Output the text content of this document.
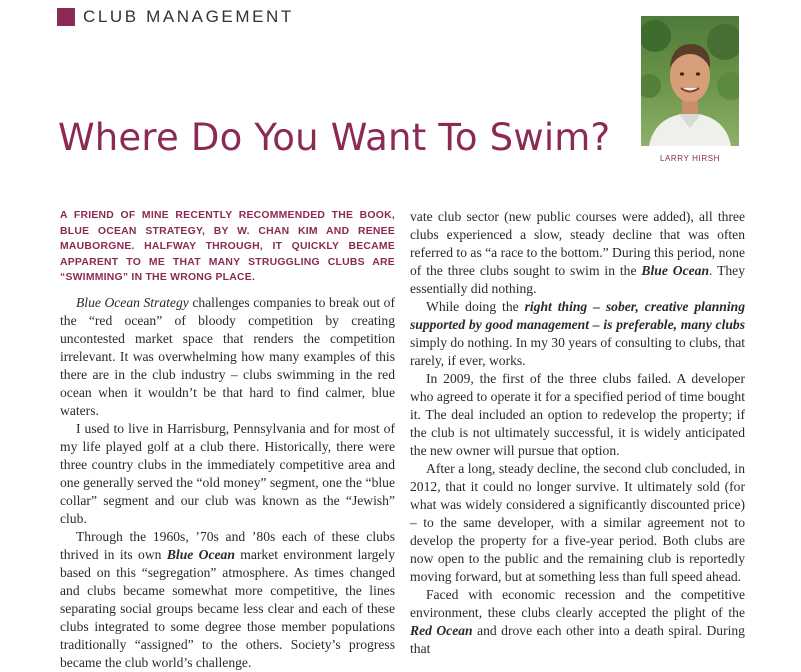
CLUB MANAGEMENT
Where Do You Want To Swim?	LARRY HIRSH

A FRIEND OF MINE RECENTLY RECOMMENDED THE BOOK, BLUE OCEAN STRATEGY, BY W. CHAN KIM AND RENEE MAUBORGNE. HALFWAY THROUGH, IT QUICKLY BECAME APPARENT TO ME THAT MANY STRUGGLING CLUBS ARE “SWIMMING” IN THE WRONG PLACE.

Blue Ocean Strategy challenges companies to break out of the “red ocean” of bloody competition by creating uncontested market space that renders the competition irrelevant. It was overwhelming how many examples of this there are in the club industry – clubs swimming in the red ocean when it wouldn’t be that hard to find calmer, blue waters.

I used to live in Harrisburg, Pennsylvania and for most of my life played golf at a club there. Historically, there were three country clubs in the immediately competitive area and one generally served the “old money” segment, one the “blue collar” segment and our club was known as the “Jewish” club.

Through the 1960s, ’70s and ’80s each of these clubs thrived in its own Blue Ocean market environment largely based on this “segregation” atmosphere. As times changed and clubs became somewhat more competitive, the lines separating social groups became less clear and each of these clubs integrated to some degree those member populations traditionally “assigned” to the others. Society’s progress became the club world’s challenge.

vate club sector (new public courses were added), all three clubs experienced a slow, steady decline that was often referred to as “a race to the bottom.” During this period, none of the three clubs sought to swim in the Blue Ocean. They essentially did nothing.

While doing the right thing – sober, creative planning supported by good management – is preferable, many clubs simply do nothing. In my 30 years of consulting to clubs, that rarely, if ever, works.

In 2009, the first of the three clubs failed. A developer who agreed to operate it for a specified period of time bought it. The deal included an option to redevelop the property; if the club is not ultimately successful, it is widely anticipated the new owner will pursue that option.

After a long, steady decline, the second club concluded, in 2012, that it could no longer survive. It ultimately sold (for what was widely considered a significantly discounted price) – to the same developer, with a similar agreement not to develop the property for a five-year period. Both clubs are now open to the public and the remaining club is reportedly moving forward, but at something less than full speed ahead.

Faced with economic recession and the competitive environment, these clubs clearly accepted the plight of the Red Ocean and drove each other into a death spiral. During that
